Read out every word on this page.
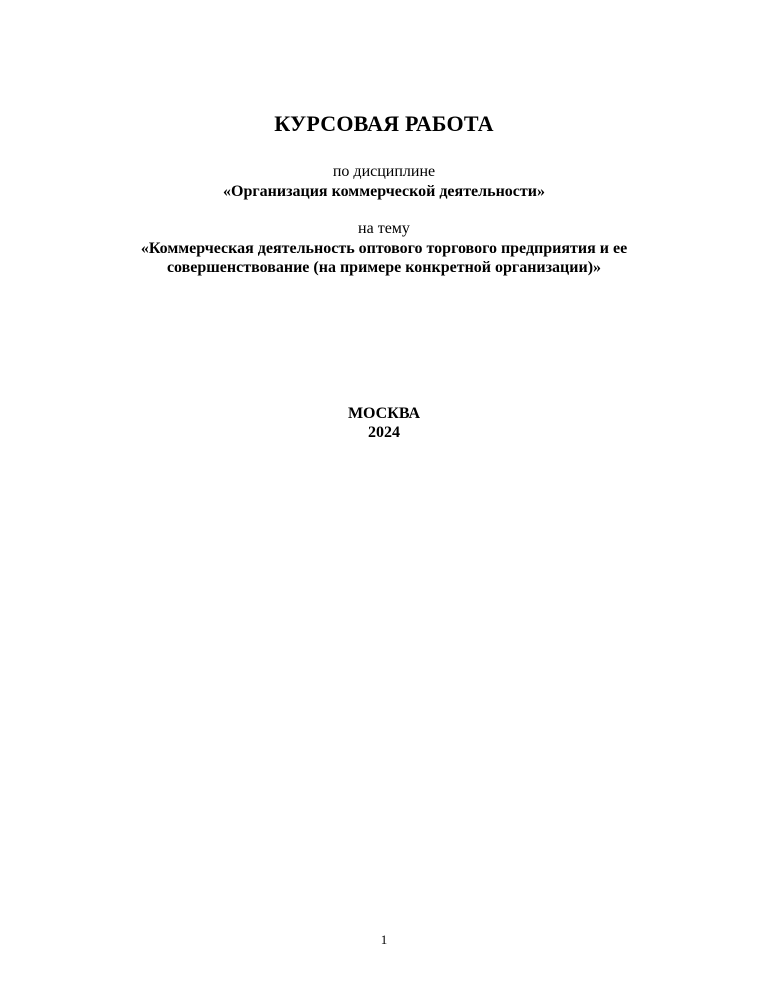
КУРСОВАЯ РАБОТА
по дисциплине
«Организация коммерческой деятельности»
на тему
«Коммерческая деятельность оптового торгового предприятия и ее
совершенствование (на примере конкретной организации)»
МОСКВА
2024
1
